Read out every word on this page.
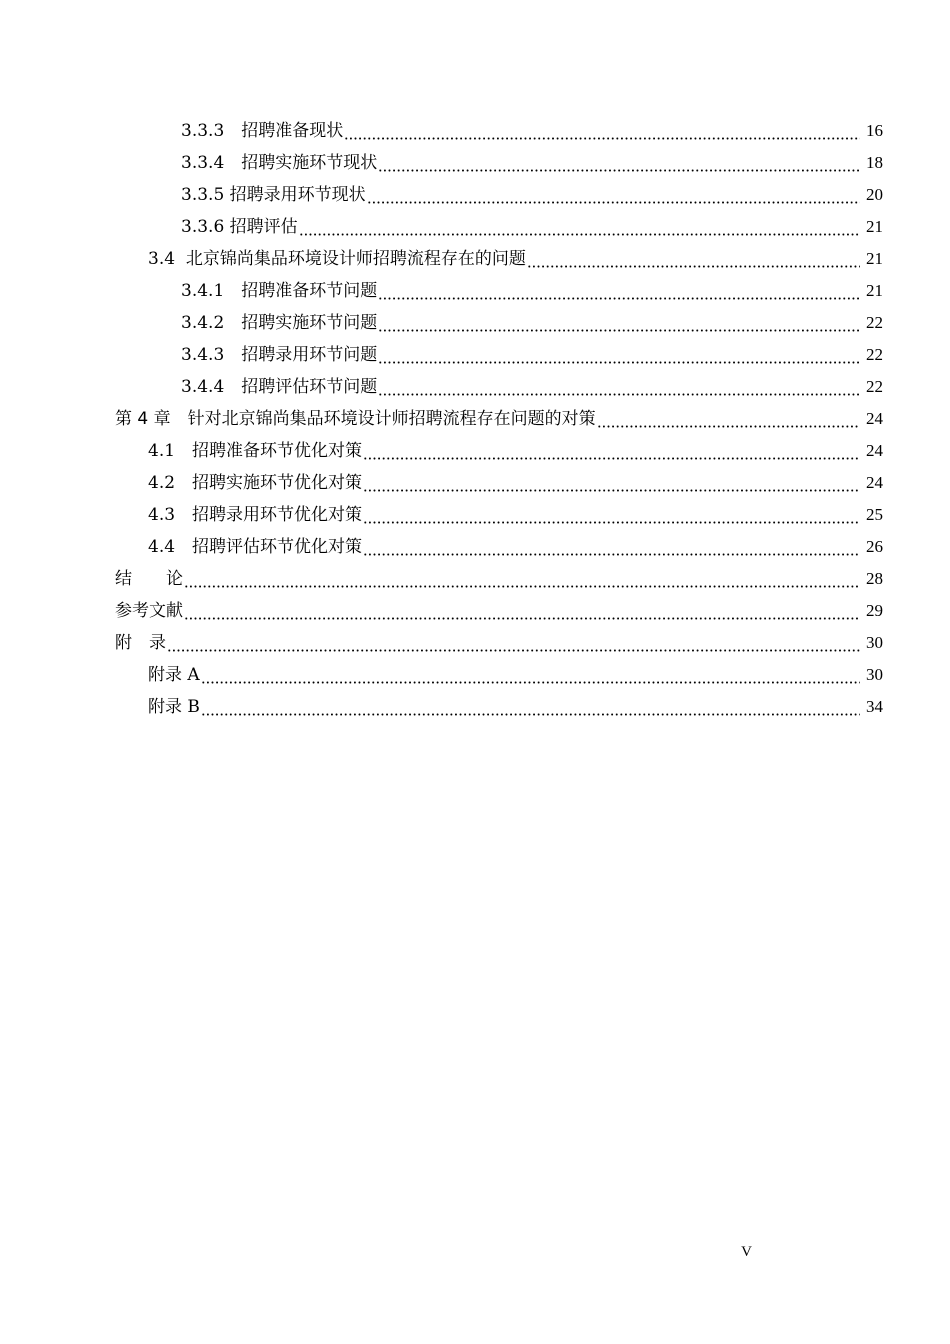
3.3.3　招聘准备现状	16
3.3.4　招聘实施环节现状	18
3.3.5 招聘录用环节现状	20
3.3.6 招聘评估	21
3.4  北京锦尚集品环境设计师招聘流程存在的问题	21
3.4.1　招聘准备环节问题	21
3.4.2　招聘实施环节问题	22
3.4.3　招聘录用环节问题	22
3.4.4　招聘评估环节问题	22
第 4 章　针对北京锦尚集品环境设计师招聘流程存在问题的对策	24
4.1　招聘准备环节优化对策	24
4.2　招聘实施环节优化对策	24
4.3　招聘录用环节优化对策	25
4.4　招聘评估环节优化对策	26
结　　论	28
参考文献	29
附　录	30
附录 A	30
附录 B	34
V
